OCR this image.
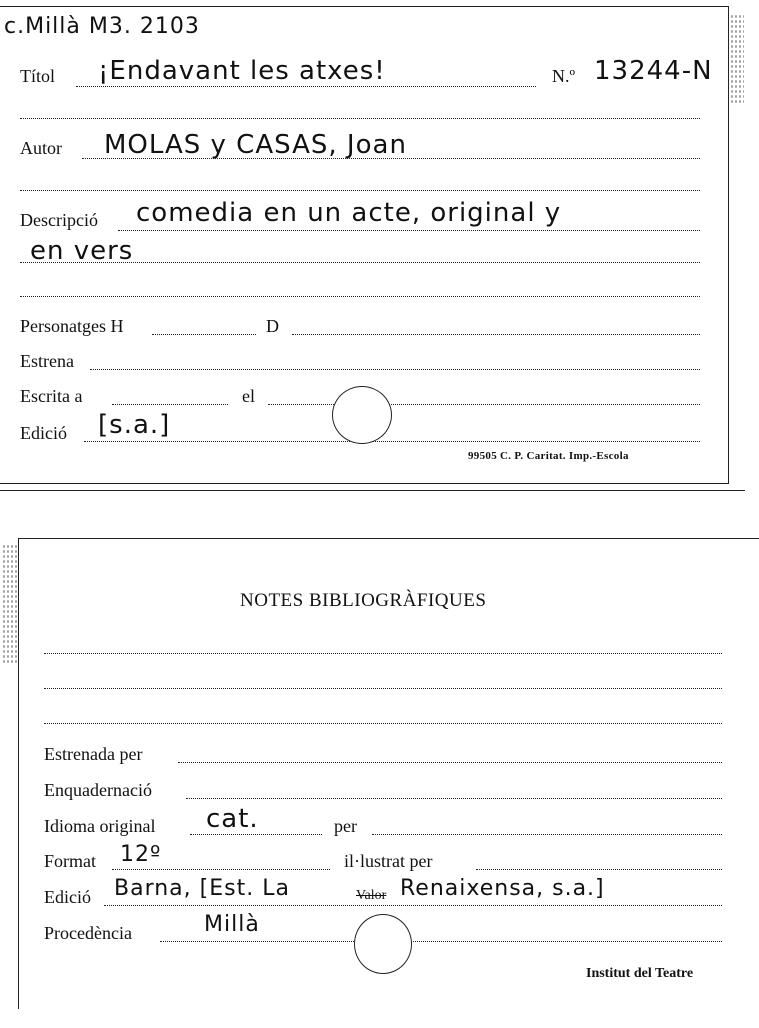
c.Millà M3. 2103
Títol ¡Endavant les atxes!	N.º 13244-N
Autor MOLAS y CASAS, Joan
Descripció comedia en un acte, original y
en vers
Personatges H	D
Estrena
Escrita a	el
Edició [s.a.]
99505 C. P. Caritat. Imp.-Escola
NOTES BIBLIOGRÀFIQUES
Estrenada per
Enquadernació
Idioma original cat.	per
Format 12º	il·lustrat per
Edició Barna, [Est. La	Valor Renaixensa, s.a.]
Procedència	Millà
Institut del Teatre
